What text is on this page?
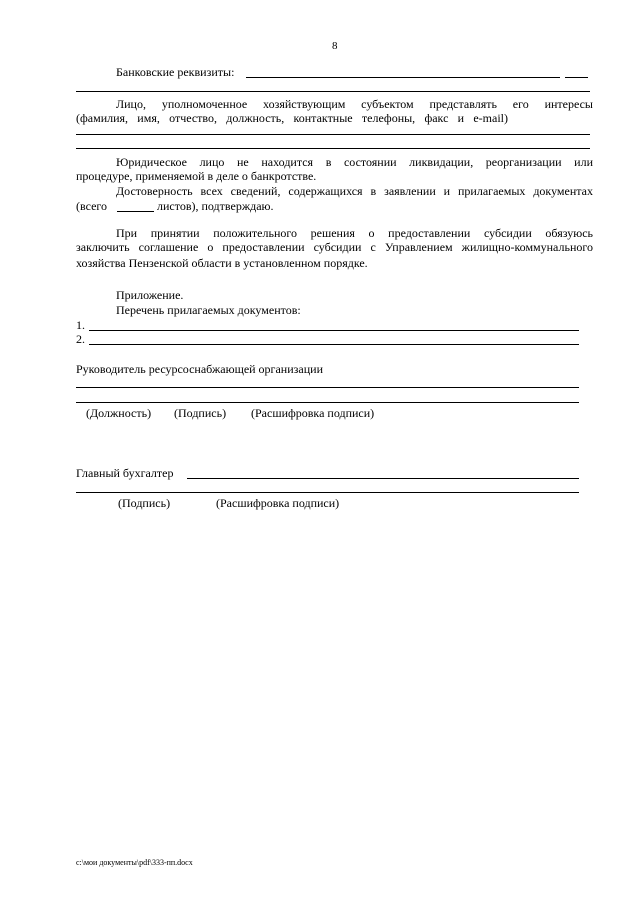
8
Банковские реквизиты:
Лицо, уполномоченное хозяйствующим субъектом представлять его интересы
(фамилия, имя, отчество, должность, контактные телефоны, факс и e-mail)
Юридическое лицо не находится в состоянии ликвидации, реорганизации или
процедуре, применяемой в деле о банкротстве.
Достоверность всех сведений, содержащихся в заявлении и прилагаемых документах
(всего	листов), подтверждаю.
При принятии положительного решения о предоставлении субсидии обязуюсь
заключить соглашение о предоставлении субсидии с Управлением жилищно-коммунального
хозяйства Пензенской области в установленном порядке.
Приложение.
Перечень прилагаемых документов:
1.
2.
Руководитель ресурсоснабжающей организации
(Должность) (Подпись) (Расшифровка подписи)
Главный бухгалтер
(Подпись)	(Расшифровка подписи)
c:\мои документы\pdf\333-пп.docx
